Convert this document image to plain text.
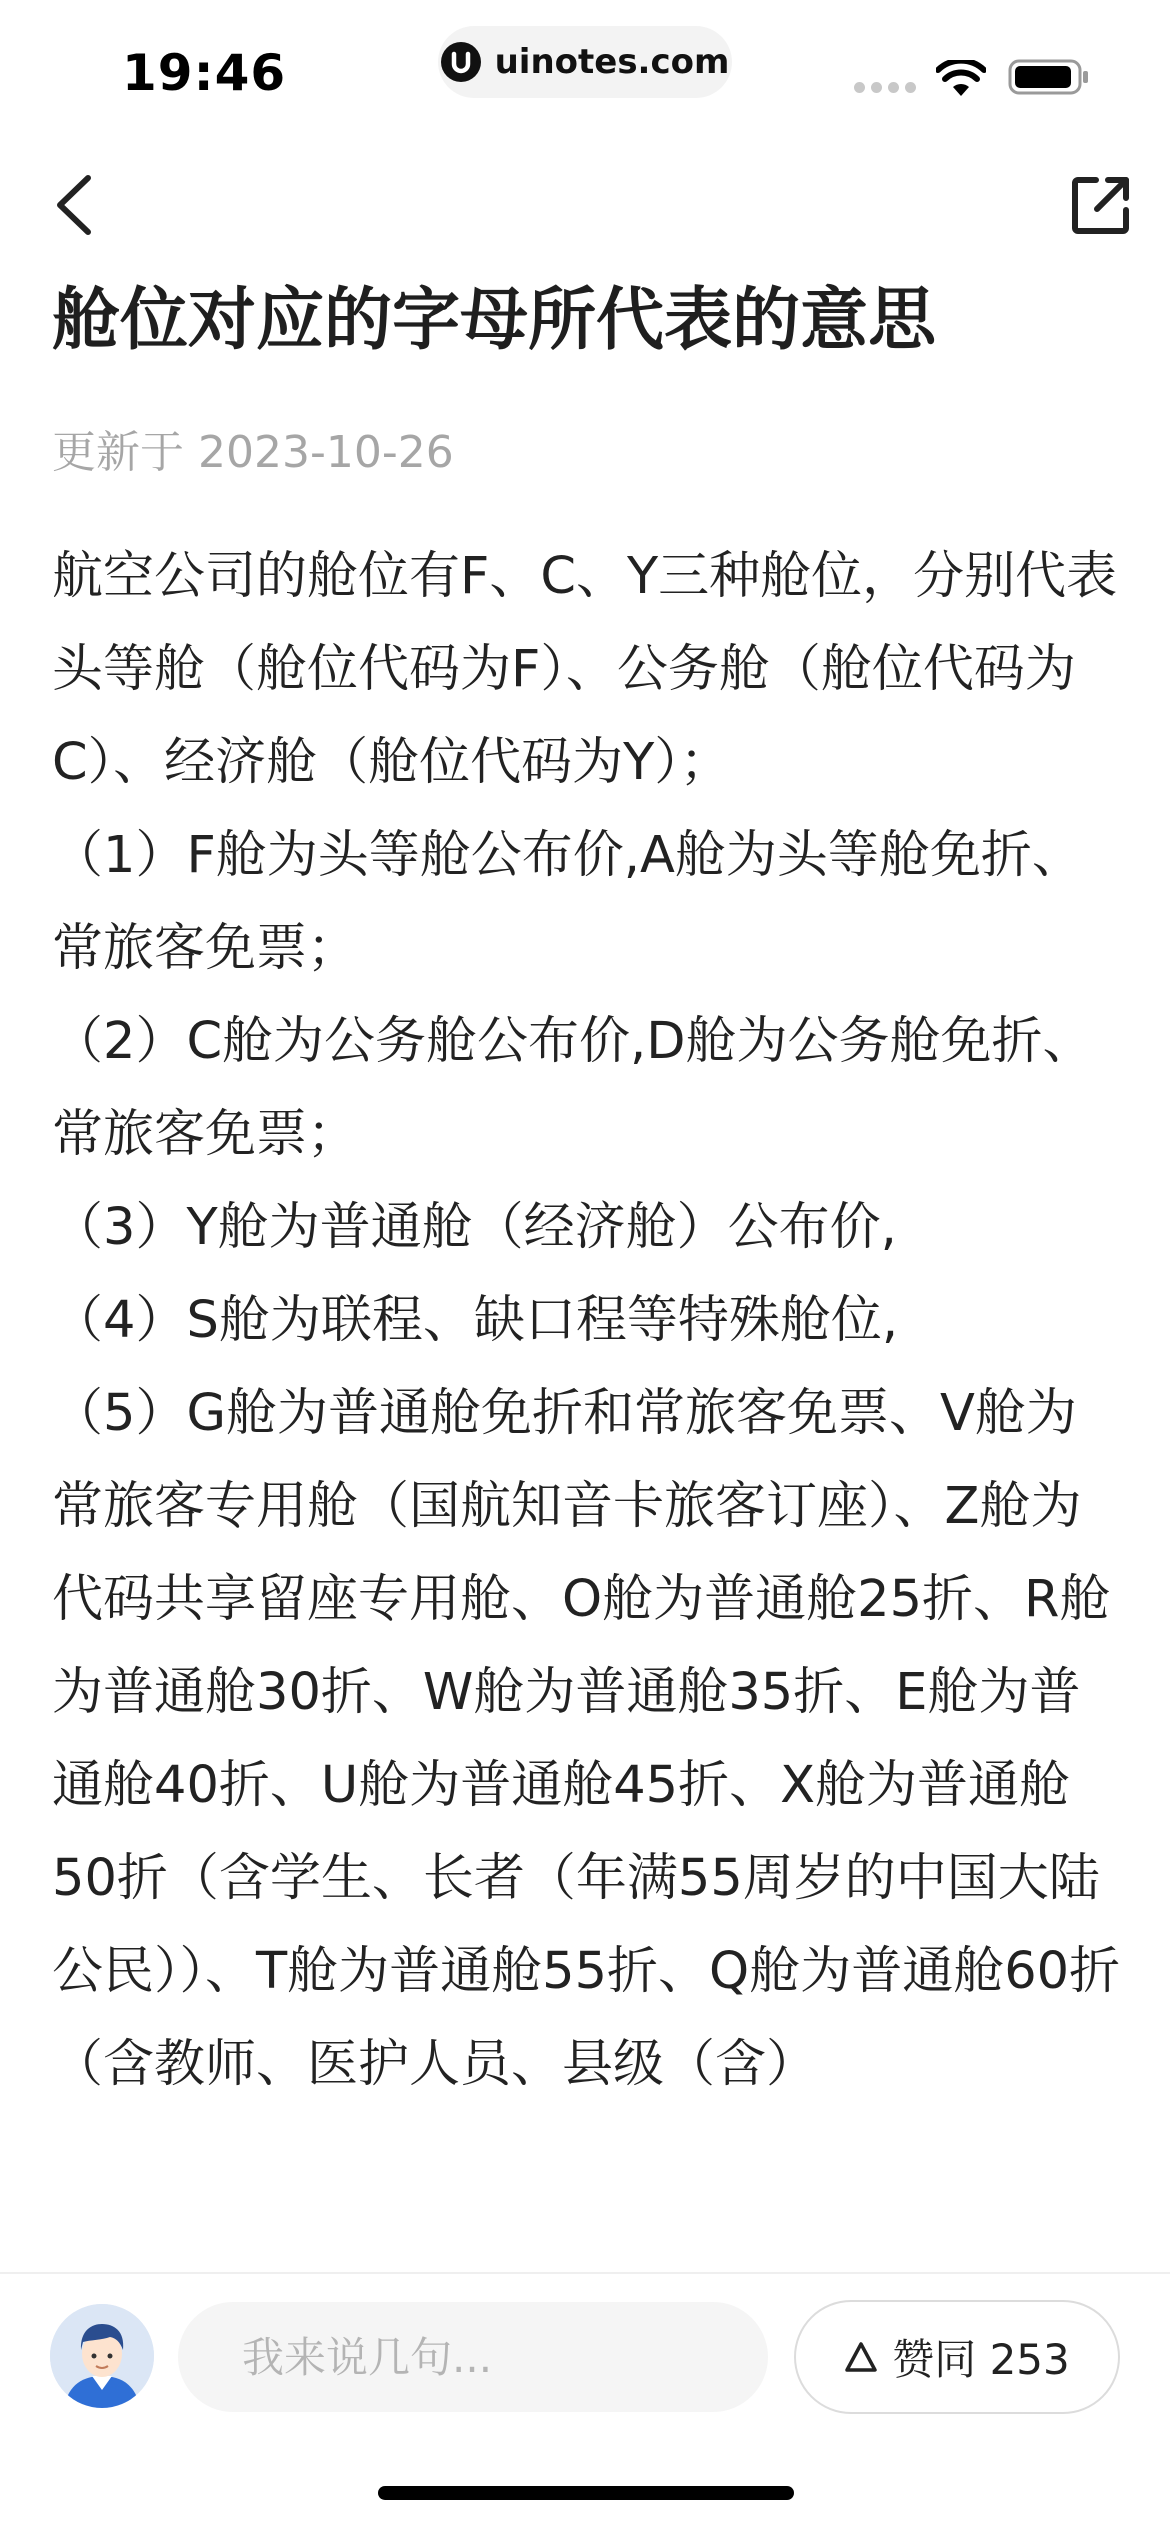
19:46	uinotes.com
舱位对应的字母所代表的意思
更新于 2023-10-26

航空公司的舱位有F、C、Y三种舱位，分别代表头等舱（舱位代码为F）、公务舱（舱位代码为C）、经济舱（舱位代码为Y）；

（1）F舱为头等舱公布价,A舱为头等舱免折、常旅客免票；

（2）C舱为公务舱公布价,D舱为公务舱免折、常旅客免票；

（3）Y舱为普通舱（经济舱）公布价,

（4）S舱为联程、缺口程等特殊舱位,

（5）G舱为普通舱免折和常旅客免票、V舱为常旅客专用舱（国航知音卡旅客订座）、Z舱为代码共享留座专用舱、O舱为普通舱25折、R舱为普通舱30折、W舱为普通舱35折、E舱为普通舱40折、U舱为普通舱45折、X舱为普通舱50折（含学生、长者（年满55周岁的中国大陆公民））、T舱为普通舱55折、Q舱为普通舱60折（含教师、医护人员、县级（含）

我来说几句...
赞同 253
